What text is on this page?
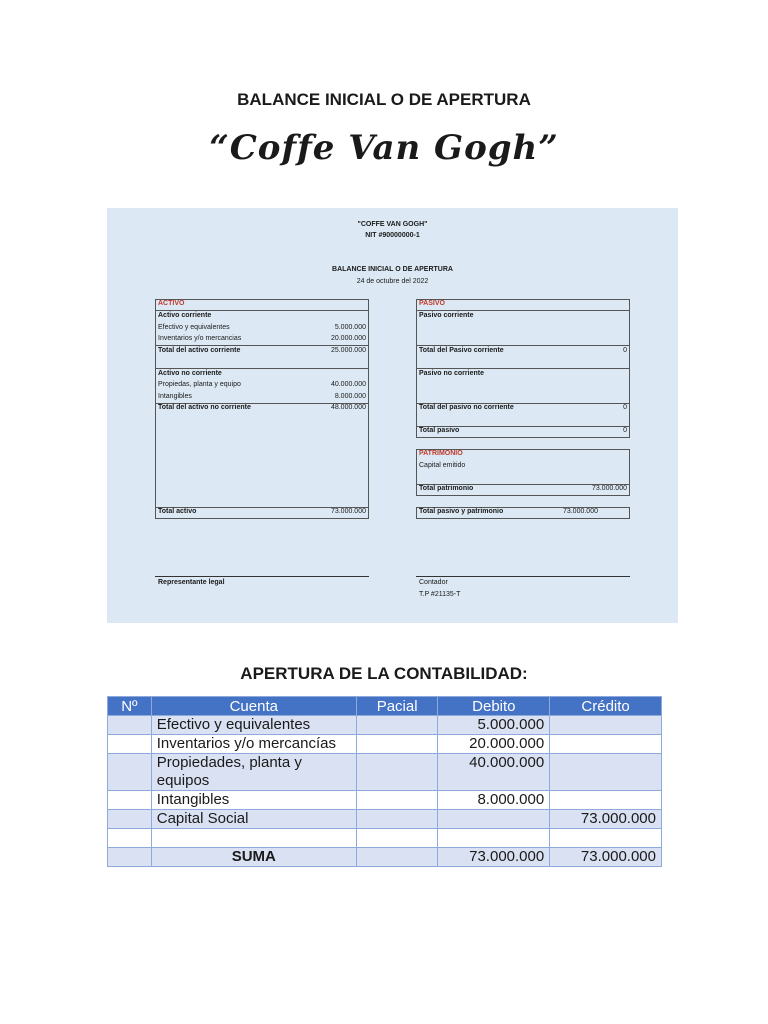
BALANCE INICIAL O DE APERTURA
“Coffe Van Gogh”
"COFFE VAN GOGH"
NIT #90000000-1
BALANCE INICIAL O DE APERTURA
24 de octubre del 2022
ACTIVO
Activo corriente
Efectivo y equivalentes	5.000.000
Inventarios y/o mercancias	20.000.000
Total del activo corriente	25.000.000
Activo no corriente
Propiedas, planta y equipo	40.000.000
Intangibles	8.000.000
Total del activo no corriente	48.000.000
Total activo	73.000.000
PASIVO
Pasivo corriente
Total del Pasivo corriente	0
Pasivo no corriente
Total del pasivo no corriente	0
Total pasivo	0
PATRIMONIO
Capital emitido
Total patrimonio	73.000.000
Total pasivo y patrimonio	73.000.000
Representante legal	Contador
T.P #21135-T
APERTURA DE LA CONTABILIDAD:
Nº	Cuenta	Pacial	Debito	Crédito
	Efectivo y equivalentes		5.000.000	
	Inventarios y/o mercancías		20.000.000	
	Propiedades, planta y equipos		40.000.000	
	Intangibles		8.000.000	
	Capital Social			73.000.000

	SUMA		73.000.000	73.000.000
